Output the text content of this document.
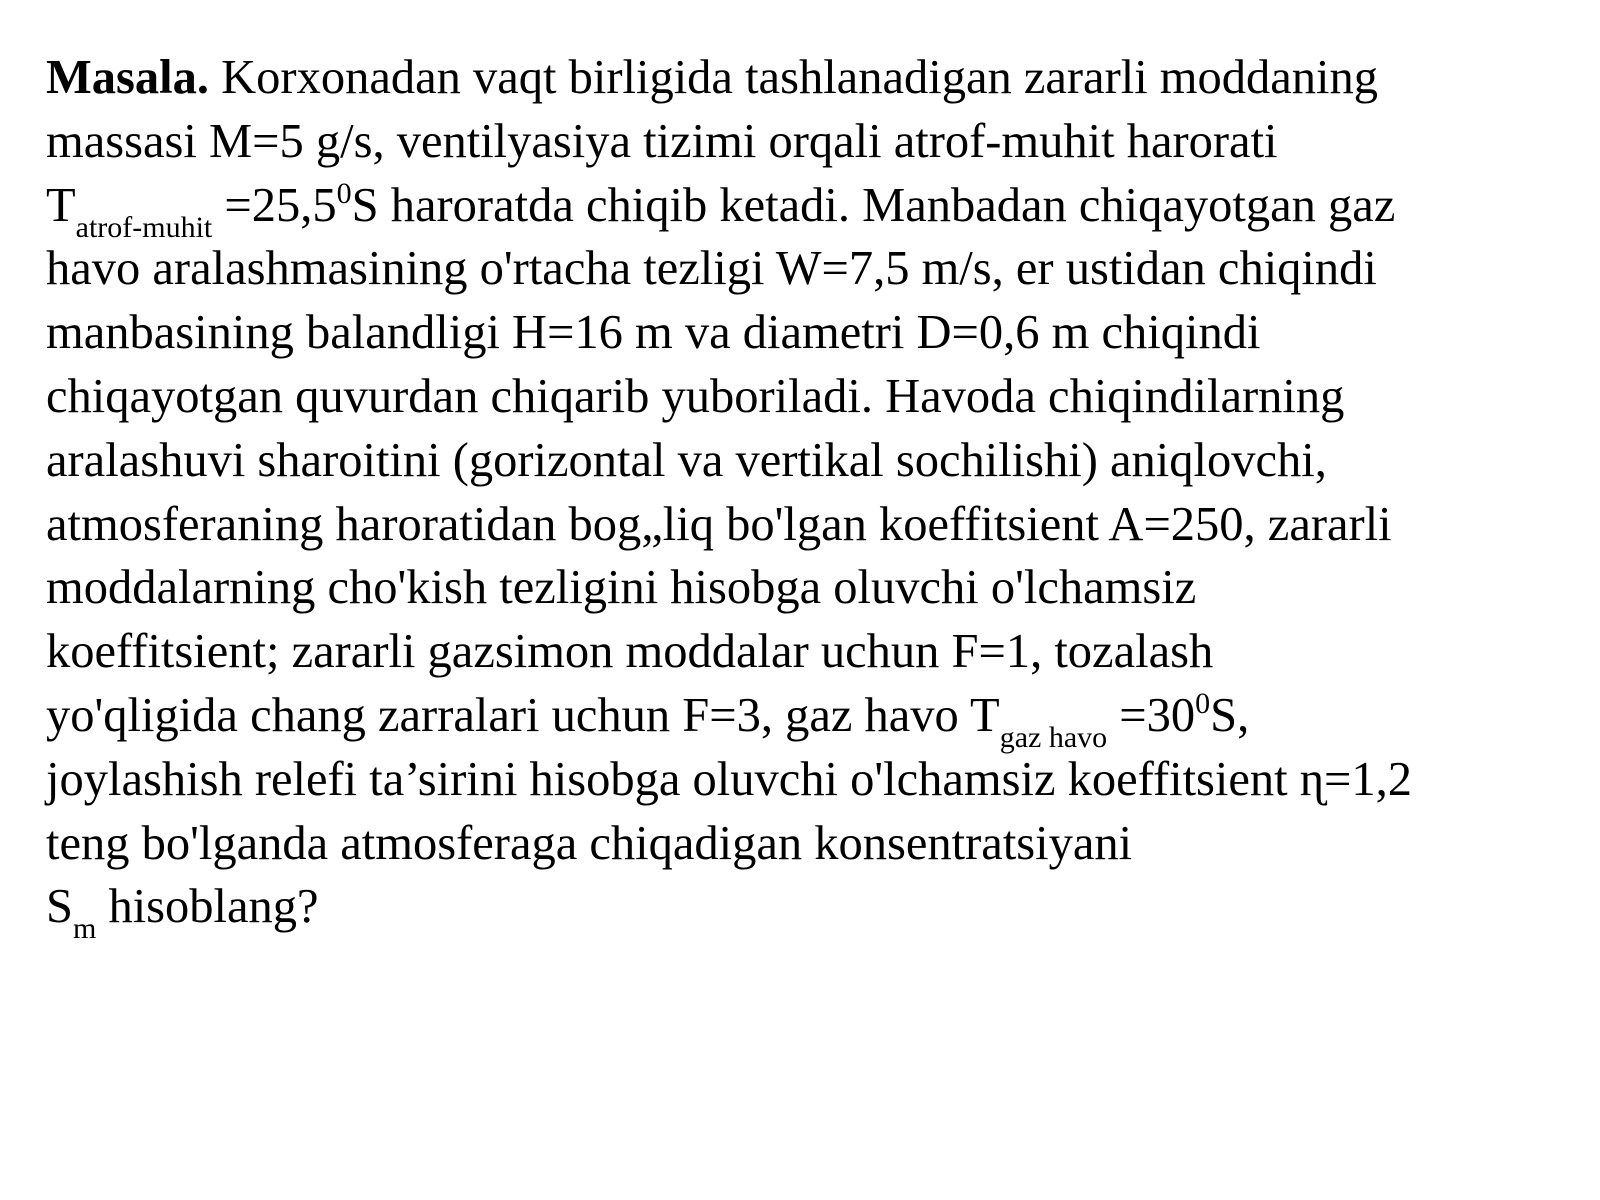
Masala. Korxonadan vaqt birligida tashlanadigan zararli moddaning
massasi M=5 g/s, ventilyasiya tizimi orqali atrof-muhit harorati
$T_{atrof-muhit} =25,5^0S$ haroratda chiqib ketadi. Manbadan chiqayotgan gaz
havo aralashmasining o'rtacha tezligi W=7,5 m/s, er ustidan chiqindi
manbasining balandligi H=16 m va diametri D=0,6 m chiqindi
chiqayotgan quvurdan chiqarib yuboriladi. Havoda chiqindilarning
aralashuvi sharoitini (gorizontal va vertikal sochilishi) aniqlovchi,
atmosferaning haroratidan bog„liq bo'lgan koeffitsient A=250, zararli
moddalarning cho'kish tezligini hisobga oluvchi o'lchamsiz
koeffitsient; zararli gazsimon moddalar uchun F=1, tozalash
yo'qligida chang zarralari uchun F=3, gaz havo $T_{gaz havo} =30^0S$,
joylashish relefi ta’sirini hisobga oluvchi o'lchamsiz koeffitsient ɳ=1,2
teng bo'lganda atmosferaga chiqadigan konsentratsiyani
$S_m$ hisoblang?
